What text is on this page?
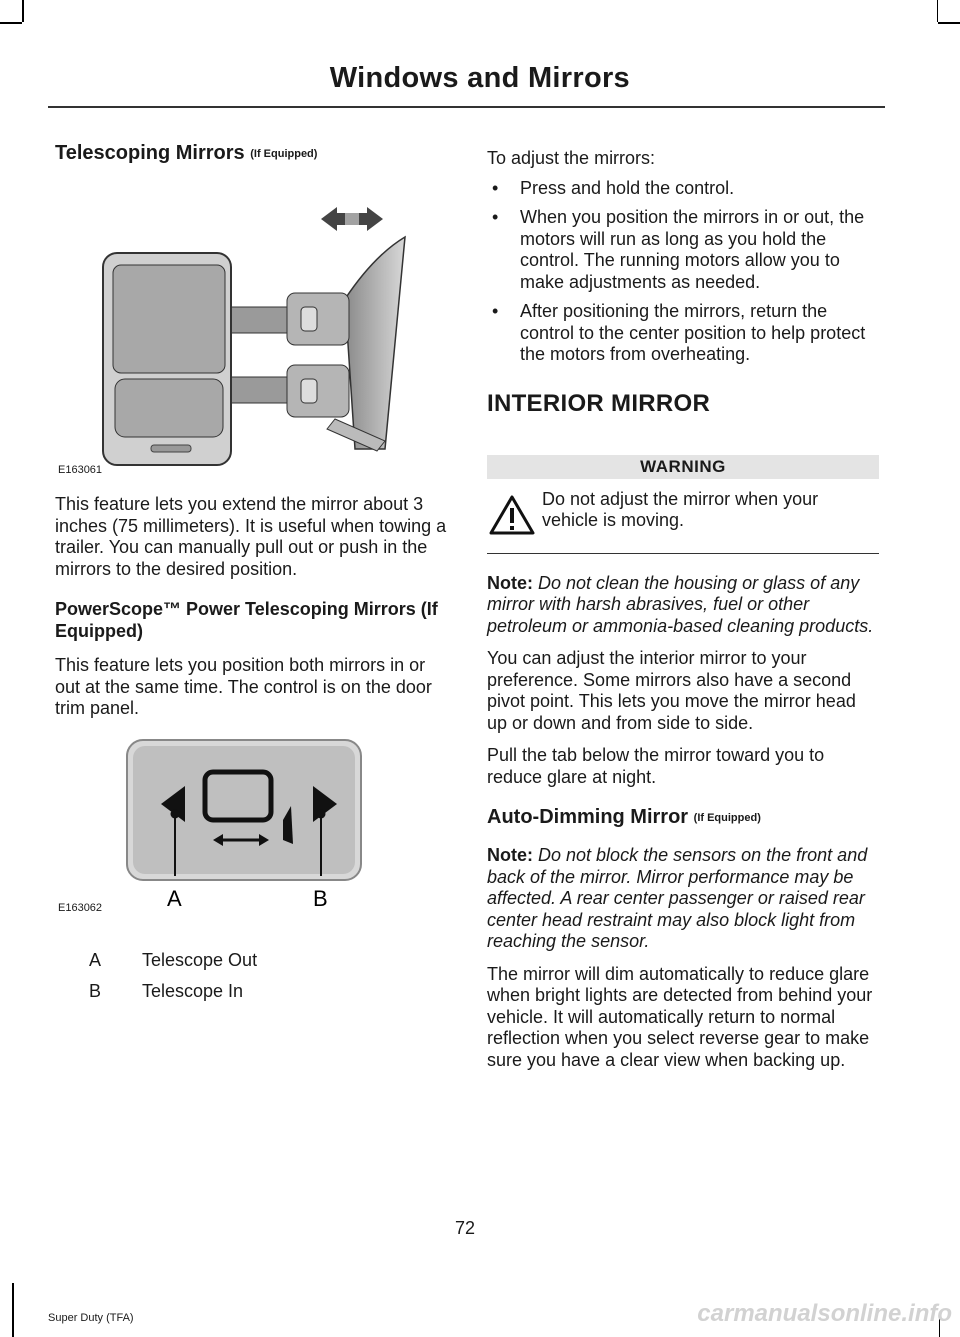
Windows and Mirrors
Telescoping Mirrors (If Equipped)
E163061

This feature lets you extend the mirror about 3 inches (75 millimeters). It is useful when towing a trailer. You can manually pull out or push in the mirrors to the desired position.

PowerScope™ Power Telescoping Mirrors (If Equipped)

This feature lets you position both mirrors in or out at the same time. The control is on the door trim panel.

A	B
E163062
A	Telescope Out
B	Telescope In

To adjust the mirrors:

• Press and hold the control.
• When you position the mirrors in or out, the motors will run as long as you hold the control. The running motors allow you to make adjustments as needed.
• After positioning the mirrors, return the control to the center position to help protect the motors from overheating.
INTERIOR MIRROR
WARNING
Do not adjust the mirror when your vehicle is moving.

Note: Do not clean the housing or glass of any mirror with harsh abrasives, fuel or other petroleum or ammonia-based cleaning products.

You can adjust the interior mirror to your preference. Some mirrors also have a second pivot point. This lets you move the mirror head up or down and from side to side.

Pull the tab below the mirror toward you to reduce glare at night.

Auto-Dimming Mirror (If Equipped)

Note: Do not block the sensors on the front and back of the mirror. Mirror performance may be affected. A rear center passenger or raised rear center head restraint may also block light from reaching the sensor.

The mirror will dim automatically to reduce glare when bright lights are detected from behind your vehicle. It will automatically return to normal reflection when you select reverse gear to make sure you have a clear view when backing up.

72
Super Duty (TFA)	carmanualsonline.info
